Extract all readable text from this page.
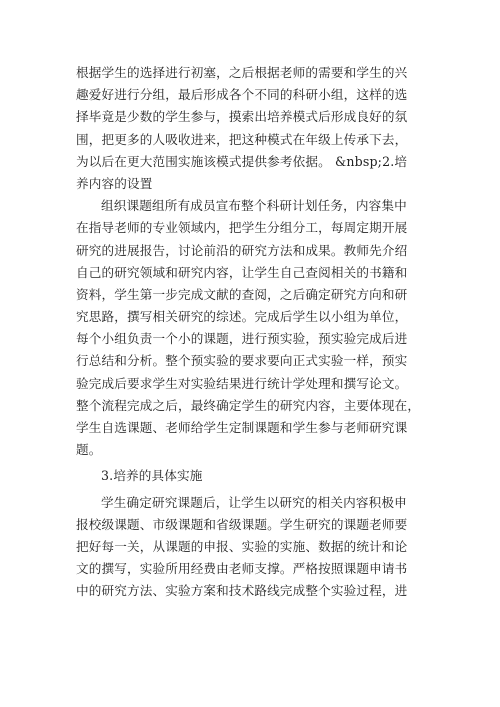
根据学生的选择进行初塞，之后根据老师的需要和学生的兴
趣爱好进行分组，最后形成各个不同的科研小组，这样的选
择毕竟是少数的学生参与，摸索出培养模式后形成良好的氛
围，把更多的人吸收进来，把这种模式在年级上传承下去，
为以后在更大范围实施该模式提供参考依据。 &nbsp;2.培
养内容的设置
组织课题组所有成员宣布整个科研计划任务，内容集中
在指导老师的专业领域内，把学生分组分工，每周定期开展
研究的进展报告，讨论前沿的研究方法和成果。教师先介绍
自己的研究领域和研究内容，让学生自己查阅相关的书籍和
资料，学生第一步完成文献的查阅，之后确定研究方向和研
究思路，撰写相关研究的综述。完成后学生以小组为单位，
每个小组负责一个小的课题，进行预实验，预实验完成后进
行总结和分析。整个预实验的要求要向正式实验一样，预实
验完成后要求学生对实验结果进行统计学处理和撰写论文。
整个流程完成之后，最终确定学生的研究内容，主要体现在，
学生自选课题、老师给学生定制课题和学生参与老师研究课
题。
3.培养的具体实施
学生确定研究课题后，让学生以研究的相关内容积极申
报校级课题、市级课题和省级课题。学生研究的课题老师要
把好每一关，从课题的申报、实验的实施、数据的统计和论
文的撰写，实验所用经费由老师支撑。严格按照课题申请书
中的研究方法、实验方案和技术路线完成整个实验过程，进
